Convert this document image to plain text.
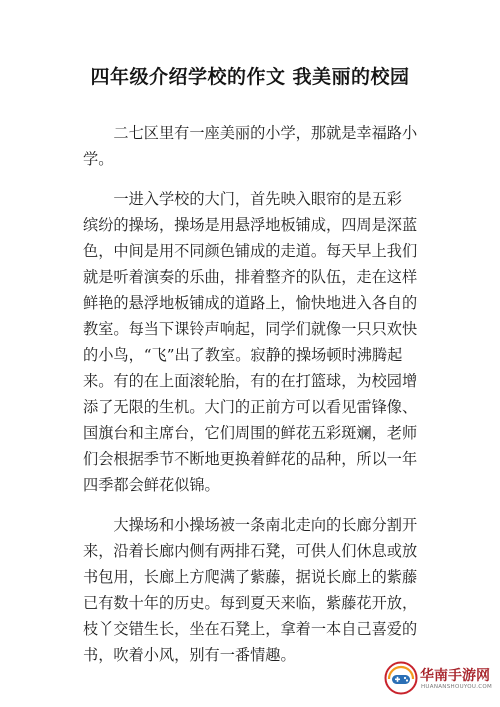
四年级介绍学校的作文 我美丽的校园
　　二七区里有一座美丽的小学，那就是幸福路小
学。
　　一进入学校的大门，首先映入眼帘的是五彩
缤纷的操场，操场是用悬浮地板铺成，四周是深蓝
色，中间是用不同颜色铺成的走道。每天早上我们
就是听着演奏的乐曲，排着整齐的队伍，走在这样
鲜艳的悬浮地板铺成的道路上，愉快地进入各自的
教室。每当下课铃声响起，同学们就像一只只欢快
的小鸟，“飞”出了教室。寂静的操场顿时沸腾起
来。有的在上面滚轮胎，有的在打篮球，为校园增
添了无限的生机。大门的正前方可以看见雷锋像、
国旗台和主席台，它们周围的鲜花五彩斑斓，老师
们会根据季节不断地更换着鲜花的品种，所以一年
四季都会鲜花似锦。
　　大操场和小操场被一条南北走向的长廊分割开
来，沿着长廊内侧有两排石凳，可供人们休息或放
书包用，长廊上方爬满了紫藤，据说长廊上的紫藤
已有数十年的历史。每到夏天来临，紫藤花开放，
枝丫交错生长，坐在石凳上，拿着一本自己喜爱的
书，吹着小风，别有一番情趣。
华南手游网
HUANANSHOUYOU.COM
